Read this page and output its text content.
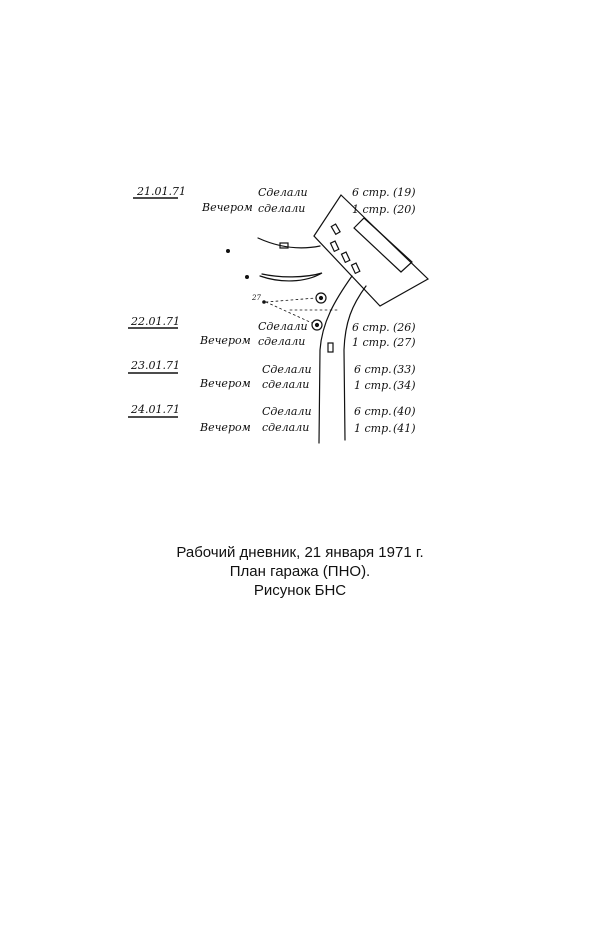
21.01.71
Вечером
Сделали
сделали
6 стр. (19)
1 стр. (20)
22.01.71
Вечером
Сделали
сделали
6 стр. (26)
1 стр. (27)
23.01.71
Вечером
Сделали
сделали
6 стр. (33)
1 стр. (34)
24.01.71
Вечером
Сделали
сделали
6 стр. (40)
1 стр. (41)
27
Рабочий дневник, 21 января 1971 г.
План гаража (ПНО).
Рисунок БНС
